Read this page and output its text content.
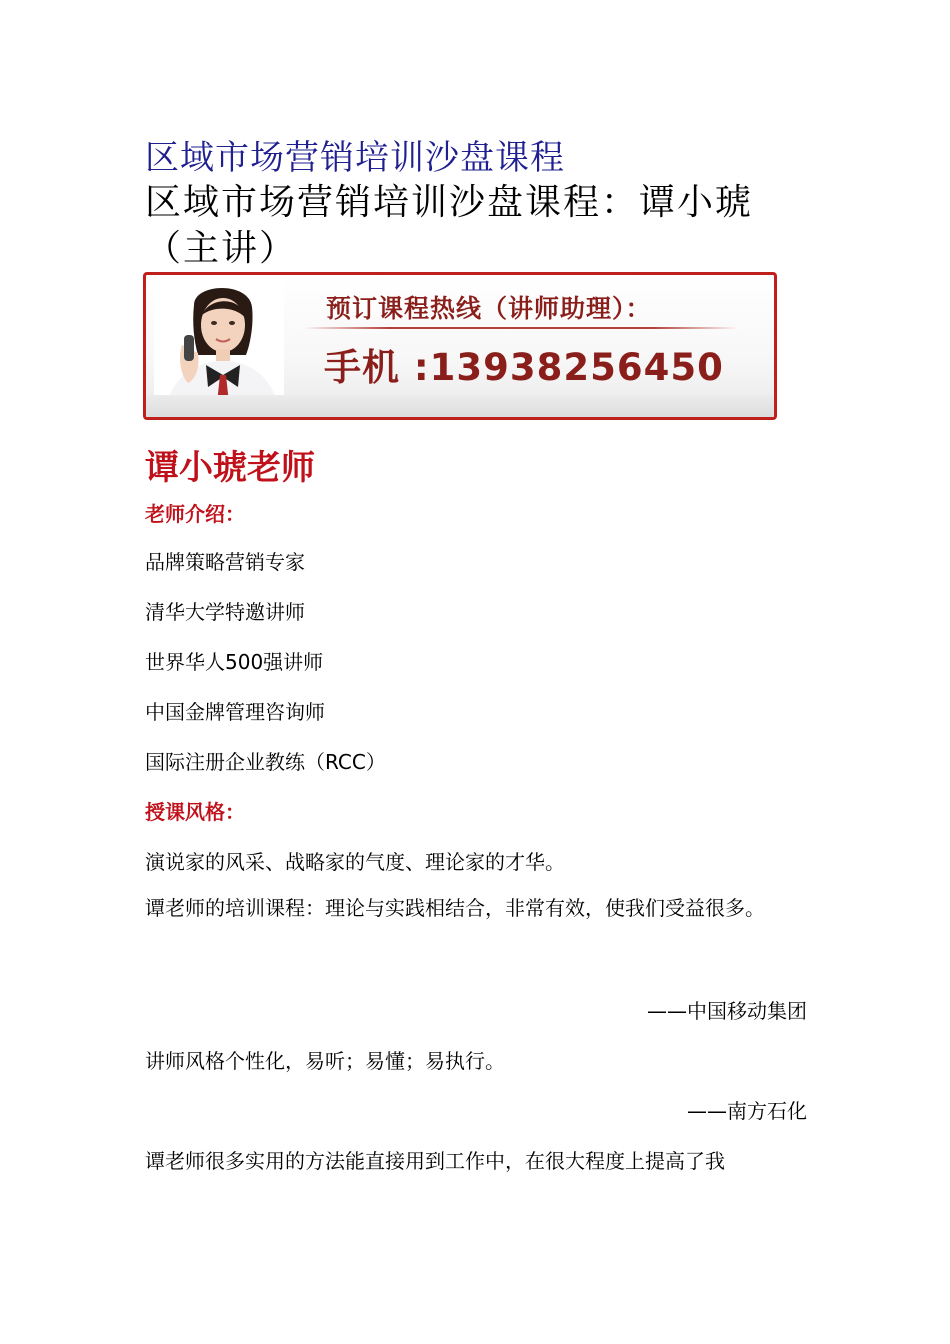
区域市场营销培训沙盘课程
区域市场营销培训沙盘课程：谭小琥（主讲）
预订课程热线（讲师助理）：
手机 :13938256450
谭小琥老师
老师介绍：
品牌策略营销专家
清华大学特邀讲师
世界华人500强讲师
中国金牌管理咨询师
国际注册企业教练（RCC）
授课风格：
演说家的风采、战略家的气度、理论家的才华。
谭老师的培训课程：理论与实践相结合，非常有效，使我们受益很多。
——中国移动集团
讲师风格个性化，易听；易懂；易执行。
——南方石化
谭老师很多实用的方法能直接用到工作中，在很大程度上提高了我
